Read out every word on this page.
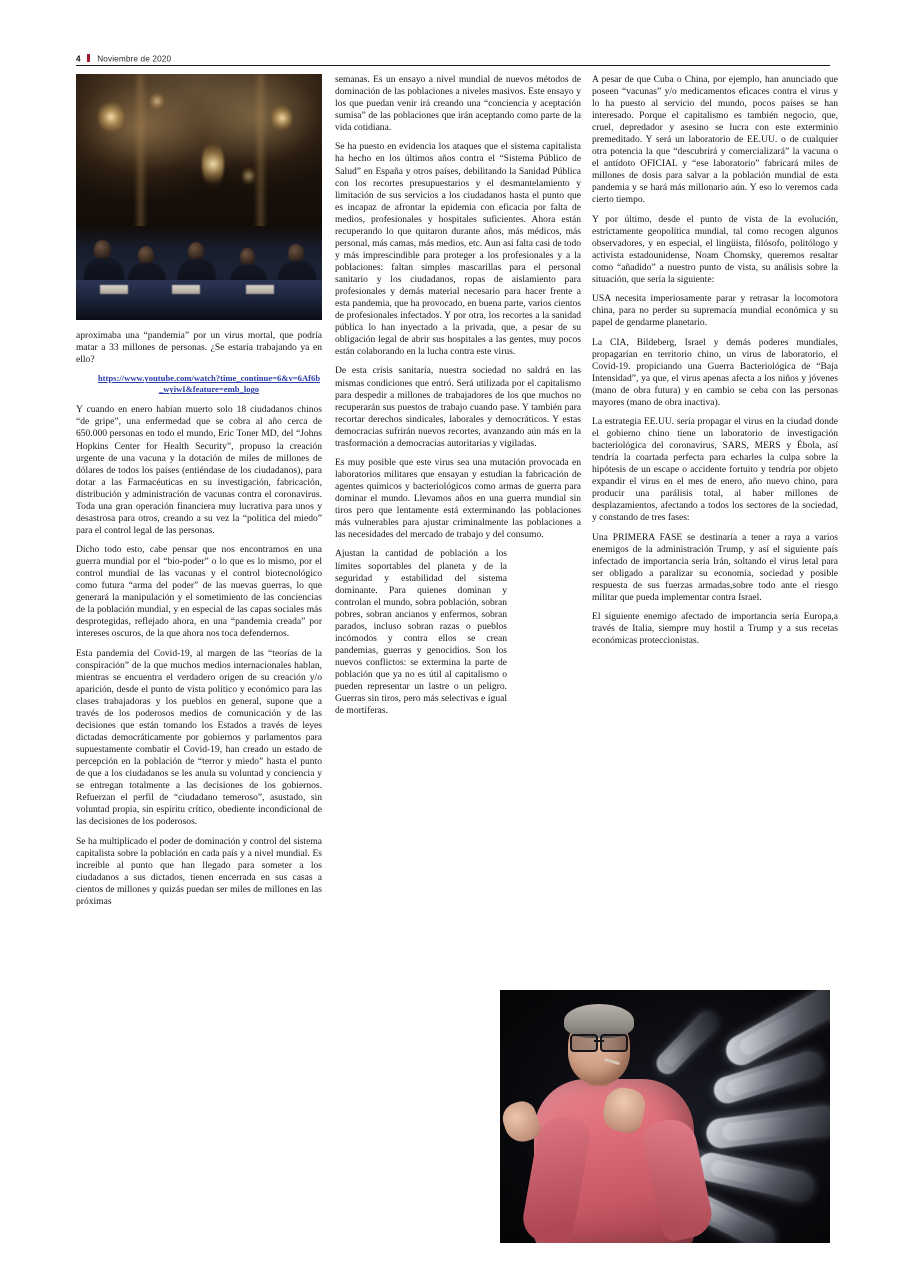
4 Noviembre de 2020

aproximaba una “pandemia” por un virus mortal, que podría matar a 33 millones de personas. ¿Se estaría trabajando ya en ello?

https://www.youtube.com/watch?time_continue=6&v=6Af6b_wyiwI&feature=emb_logo

Y cuando en enero habían muerto solo 18 ciudadanos chinos “de gripe”, una enfermedad que se cobra al año cerca de 650.000 personas en todo el mundo, Eric Toner MD, del “Johns Hopkins Center for Health Security”, propuso la creación urgente de una vacuna y la dotación de miles de millones de dólares de todos los países (entiéndase de los ciudadanos), para dotar a las Farmacéuticas en su investigación, fabricación, distribución y administración de vacunas contra el coronavirus. Toda una gran operación financiera muy lucrativa para unos y desastrosa para otros, creando a su vez la “política del miedo” para el control legal de las personas.

Dicho todo esto, cabe pensar que nos encontramos en una guerra mundial por el “bio-poder” o lo que es lo mismo, por el control mundial de las vacunas y el control biotecnológico como futura “arma del poder” de las nuevas guerras, lo que generará la manipulación y el sometimiento de las conciencias de la población mundial, y en especial de las capas sociales más desprotegidas, reflejado ahora, en una “pandemia creada” por intereses oscuros, de la que ahora nos toca defendernos.

Esta pandemia del Covid-19, al margen de las “teorías de la conspiración” de la que muchos medios internacionales hablan, mientras se encuentra el verdadero origen de su creación y/o aparición, desde el punto de vista político y económico para las clases trabajadoras y los pueblos en general, supone que a través de los poderosos medios de comunicación y de las decisiones que están tomando los Estados a través de leyes dictadas democráticamente por gobiernos y parlamentos para supuestamente combatir el Covid-19, han creado un estado de percepción en la población de “terror y miedo” hasta el punto de que a los ciudadanos se les anula su voluntad y conciencia y se entregan totalmente a las decisiones de los gobiernos. Refuerzan el perfil de “ciudadano temeroso”, asustado, sin voluntad propia, sin espíritu crítico, obediente incondicional de las decisiones de los poderosos.

Se ha multiplicado el poder de dominación y control del sistema capitalista sobre la población en cada país y a nivel mundial. Es increíble al punto que han llegado para someter a los ciudadanos a sus dictados, tienen encerrada en sus casas a cientos de millones y quizás puedan ser miles de millones en las próximas

semanas. Es un ensayo a nivel mundial de nuevos métodos de dominación de las poblaciones a niveles masivos. Este ensayo y los que puedan venir irá creando una “conciencia y aceptación sumisa” de las poblaciones que irán aceptando como parte de la vida cotidiana.

Se ha puesto en evidencia los ataques que el sistema capitalista ha hecho en los últimos años contra el “Sistema Público de Salud” en España y otros países, debilitando la Sanidad Pública con los recortes presupuestarios y el desmantelamiento y limitación de sus servicios a los ciudadanos hasta el punto que es incapaz de afrontar la epidemia con eficacia por falta de medios, profesionales y hospitales suficientes. Ahora están recuperando lo que quitaron durante años, más médicos, más personal, más camas, más medios, etc. Aun así falta casi de todo y más imprescindible para proteger a los profesionales y a la poblaciones: faltan simples mascarillas para el personal sanitario y los ciudadanos, ropas de aislamiento para profesionales y demás material necesario para hacer frente a esta pandemia, que ha provocado, en buena parte, varios cientos de profesionales infectados. Y por otra, los recortes a la sanidad pública lo han inyectado a la privada, que, a pesar de su obligación legal de abrir sus hospitales a las gentes, muy pocos están colaborando en la lucha contra este virus.

De esta crisis sanitaria, nuestra sociedad no saldrá en las mismas condiciones que entró. Será utilizada por el capitalismo para despedir a millones de trabajadores de los que muchos no recuperarán sus puestos de trabajo cuando pase. Y también para recortar derechos sindicales, laborales y democráticos. Y estas democracias sufrirán nuevos recortes, avanzando aún más en la trasformación a democracias autoritarias y vigiladas.

Es muy posible que este virus sea una mutación provocada en laboratorios militares que ensayan y estudian la fabricación de agentes químicos y bacteriológicos como armas de guerra para dominar el mundo. Llevamos años en una guerra mundial sin tiros pero que lentamente está exterminando las poblaciones más vulnerables para ajustar criminalmente las poblaciones a las necesidades del mercado de trabajo y del consumo.

Ajustan la cantidad de población a los límites soportables del planeta y de la seguridad y estabilidad del sistema dominante. Para quienes dominan y controlan el mundo, sobra población, sobran pobres, sobran ancianos y enfermos, sobran parados, incluso sobran razas o pueblos incómodos y contra ellos se crean pandemias, guerras y genocidios. Son los nuevos conflictos: se extermina la parte de población que ya no es útil al capitalismo o pueden representar un lastre o un peligro. Guerras sin tiros, pero más selectivas e igual de mortíferas.

A pesar de que Cuba o China, por ejemplo, han anunciado que poseen “vacunas” y/o medicamentos eficaces contra el virus y lo ha puesto al servicio del mundo, pocos países se han interesado. Porque el capitalismo es también negocio, que, cruel, depredador y asesino se lucra con este exterminio premeditado. Y será un laboratorio de EE.UU. o de cualquier otra potencia la que “descubrirá y comercializará” la vacuna o el antídoto OFICIAL y “ese laboratorio” fabricará miles de millones de dosis para salvar a la población mundial de esta pandemia y se hará más millonario aún. Y eso lo veremos cada cierto tiempo.

Y por último, desde el punto de vista de la evolución, estrictamente geopolítica mundial, tal como recogen algunos observadores, y en especial, el lingüista, filósofo, politólogo y activista estadounidense, Noam Chomsky, queremos resaltar como “añadido” a nuestro punto de vista, su análisis sobre la situación, que sería la siguiente:

USA necesita imperiosamente parar y retrasar la locomotora china, para no perder su supremacía mundial económica y su papel de gendarme planetario.

La CIA, Bildeberg, Israel y demás poderes mundiales, propagarían en territorio chino, un virus de laboratorio, el Covid-19. propiciando una Guerra Bacteriológica de “Baja Intensidad”, ya que, el virus apenas afecta a los niños y jóvenes (mano de obra futura) y en cambio se ceba con las personas mayores (mano de obra inactiva).

La estrategia EE.UU. sería propagar el virus en la ciudad donde el gobierno chino tiene un laboratorio de investigación bacteriológica del coronavirus, SARS, MERS y Ébola, así tendría la coartada perfecta para echarles la culpa sobre la hipótesis de un escape o accidente fortuito y tendría por objeto expandir el virus en el mes de enero, año nuevo chino, para producir una parálisis total, al haber millones de desplazamientos, afectando a todos los sectores de la sociedad, y constando de tres fases:

Una PRIMERA FASE se destinaría a tener a raya a varios enemigos de la administración Trump, y así el siguiente país infectado de importancia sería Irán, soltando el virus letal para ser obligado a paralizar su economía, sociedad y posible respuesta de sus fuerzas armadas,sobre todo ante el riesgo militar que pueda implementar contra Israel.

El siguiente enemigo afectado de importancia sería Europa,a través de Italia, siempre muy hostil a Trump y a sus recetas económicas proteccionistas.
